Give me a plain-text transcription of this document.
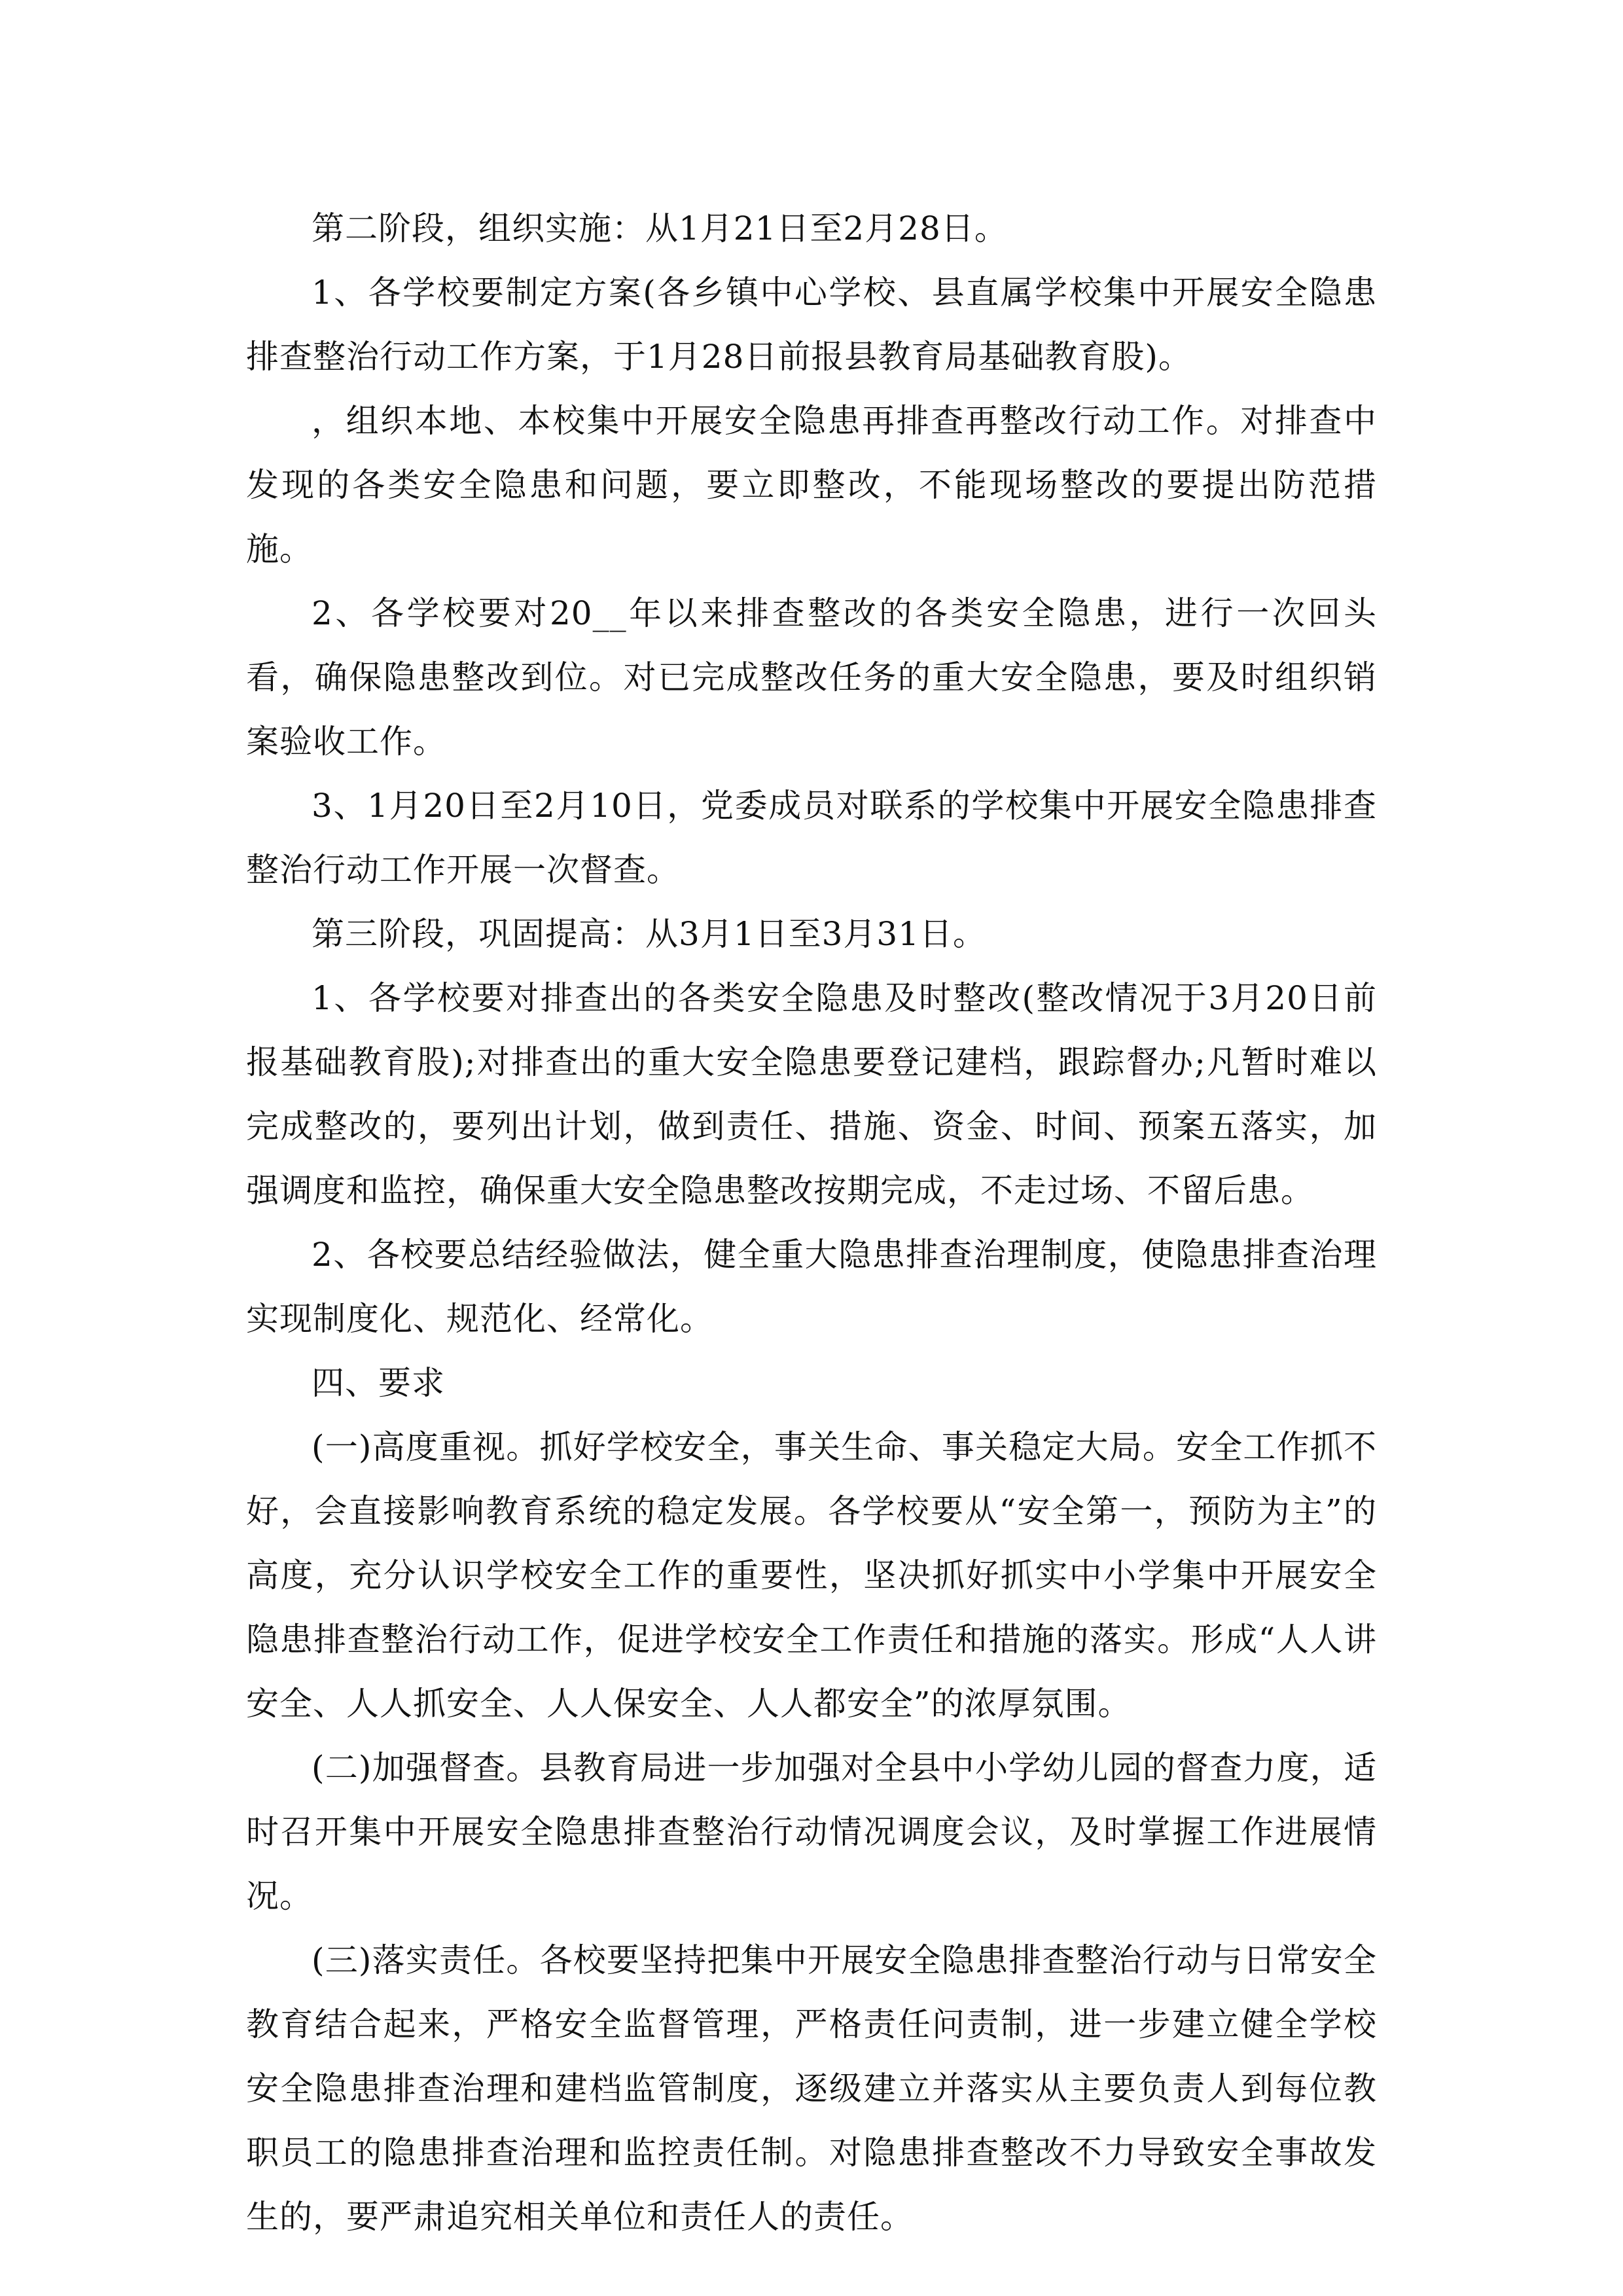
第二阶段，组织实施：从1月21日至2月28日。

1、各学校要制定方案(各乡镇中心学校、县直属学校集中开展安全隐患排查整治行动工作方案，于1月28日前报县教育局基础教育股)。

，组织本地、本校集中开展安全隐患再排查再整改行动工作。对排查中发现的各类安全隐患和问题，要立即整改，不能现场整改的要提出防范措施。

2、各学校要对20__年以来排查整改的各类安全隐患，进行一次回头看，确保隐患整改到位。对已完成整改任务的重大安全隐患，要及时组织销案验收工作。

3、1月20日至2月10日，党委成员对联系的学校集中开展安全隐患排查整治行动工作开展一次督查。

第三阶段，巩固提高：从3月1日至3月31日。

1、各学校要对排查出的各类安全隐患及时整改(整改情况于3月20日前报基础教育股);对排查出的重大安全隐患要登记建档，跟踪督办;凡暂时难以完成整改的，要列出计划，做到责任、措施、资金、时间、预案五落实，加强调度和监控，确保重大安全隐患整改按期完成，不走过场、不留后患。

2、各校要总结经验做法，健全重大隐患排查治理制度，使隐患排查治理实现制度化、规范化、经常化。

四、要求

(一)高度重视。抓好学校安全，事关生命、事关稳定大局。安全工作抓不好，会直接影响教育系统的稳定发展。各学校要从“安全第一，预防为主”的高度，充分认识学校安全工作的重要性，坚决抓好抓实中小学集中开展安全隐患排查整治行动工作，促进学校安全工作责任和措施的落实。形成“人人讲安全、人人抓安全、人人保安全、人人都安全”的浓厚氛围。

(二)加强督查。县教育局进一步加强对全县中小学幼儿园的督查力度，适时召开集中开展安全隐患排查整治行动情况调度会议，及时掌握工作进展情况。

(三)落实责任。各校要坚持把集中开展安全隐患排查整治行动与日常安全教育结合起来，严格安全监督管理，严格责任问责制，进一步建立健全学校安全隐患排查治理和建档监管制度，逐级建立并落实从主要负责人到每位教职员工的隐患排查治理和监控责任制。对隐患排查整改不力导致安全事故发生的，要严肃追究相关单位和责任人的责任。
